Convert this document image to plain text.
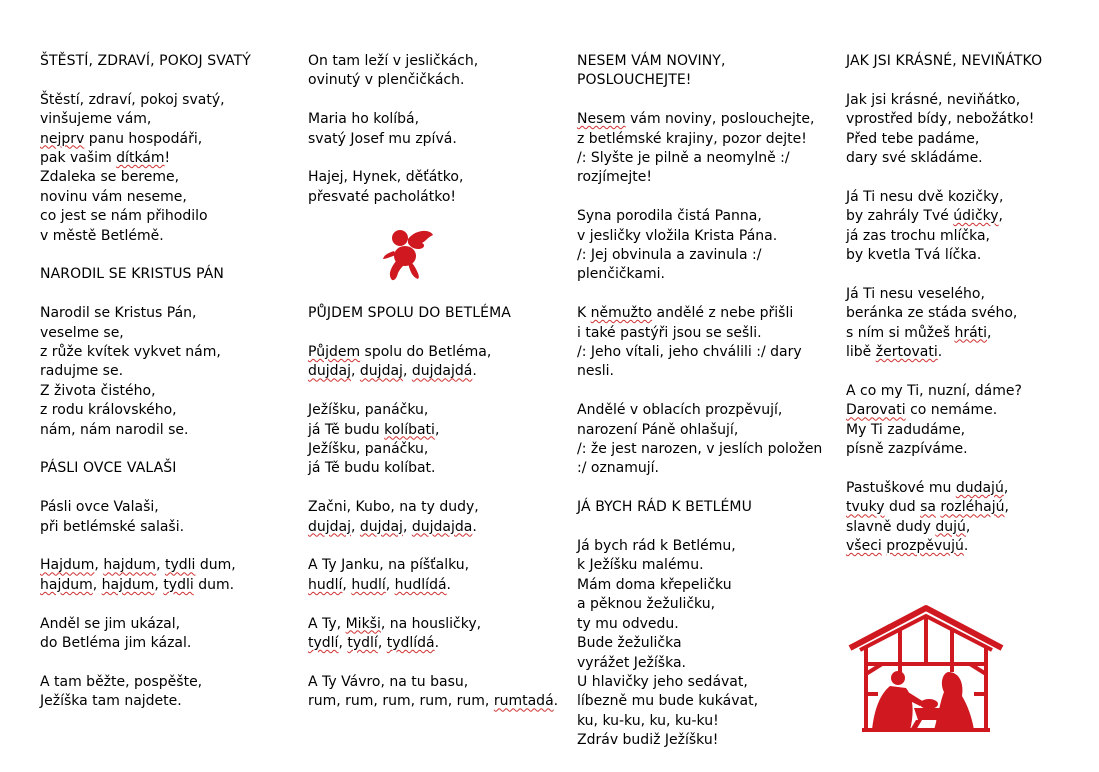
ŠTĚSTÍ, ZDRAVÍ, POKOJ SVATÝ
Štěstí, zdraví, pokoj svatý,
vinšujeme vám,
nejprv panu hospodáři,
pak vašim dítkám!
Zdaleka se bereme,
novinu vám neseme,
co jest se nám přihodilo
v městě Betlémě.
NARODIL SE KRISTUS PÁN
Narodil se Kristus Pán,
veselme se,
z růže kvítek vykvet nám,
radujme se.
Z života čistého,
z rodu královského,
nám, nám narodil se.
PÁSLI OVCE VALAŠI
Pásli ovce Valaši,
při betlémské salaši.
Hajdum, hajdum, tydli dum,
hajdum, hajdum, tydli dum.
Anděl se jim ukázal,
do Betléma jim kázal.
A tam běžte, pospěšte,
Ježíška tam najdete.
On tam leží v jesličkách,
ovinutý v plenčičkách.
Maria ho kolíbá,
svatý Josef mu zpívá.
Hajej, Hynek, děťátko,
přesvaté pacholátko!
PŮJDEM SPOLU DO BETLÉMA
Půjdem spolu do Betléma,
dujdaj, dujdaj, dujdajdá.
Ježíšku, panáčku,
já Tě budu kolíbati,
Ježíšku, panáčku,
já Tě budu kolíbat.
Začni, Kubo, na ty dudy,
dujdaj, dujdaj, dujdajda.
A Ty Janku, na píšťalku,
hudlí, hudlí, hudlídá.
A Ty, Mikši, na housličky,
tydlí, tydlí, tydlídá.
A Ty Vávro, na tu basu,
rum, rum, rum, rum, rum, rumtadá.
NESEM VÁM NOVINY,
POSLOUCHEJTE!
Nesem vám noviny, poslouchejte,
z betlémské krajiny, pozor dejte!
/: Slyšte je pilně a neomylně :/
rozjímejte!
Syna porodila čistá Panna,
v jesličky vložila Krista Pána.
/: Jej obvinula a zavinula :/
plenčičkami.
K němužto andělé z nebe přišli
i také pastýři jsou se sešli.
/: Jeho vítali, jeho chválili :/ dary
nesli.
Andělé v oblacích prozpěvují,
narození Páně ohlašují,
/: že jest narozen, v jeslích položen
:/ oznamují.
JÁ BYCH RÁD K BETLÉMU
Já bych rád k Betlému,
k Ježíšku malému.
Mám doma křepeličku
a pěknou žežuličku,
ty mu odvedu.
Bude žežulička
vyrážet Ježíška.
U hlavičky jeho sedávat,
líbezně mu bude kukávat,
ku, ku-ku, ku, ku-ku!
Zdráv budiž Ježíšku!
JAK JSI KRÁSNÉ, NEVIŇÁTKO
Jak jsi krásné, neviňátko,
vprostřed bídy, nebožátko!
Před tebe padáme,
dary své skládáme.
Já Ti nesu dvě kozičky,
by zahrály Tvé údičky,
já zas trochu mlíčka,
by kvetla Tvá líčka.
Já Ti nesu veselého,
beránka ze stáda svého,
s ním si můžeš hráti,
libě žertovati.
A co my Ti, nuzní, dáme?
Darovati co nemáme.
My Ti zadudáme,
písně zazpíváme.
Pastuškové mu dudajú,
tvuky dud sa rozléhajú,
slavně dudy dujú,
všeci prozpěvujú.
